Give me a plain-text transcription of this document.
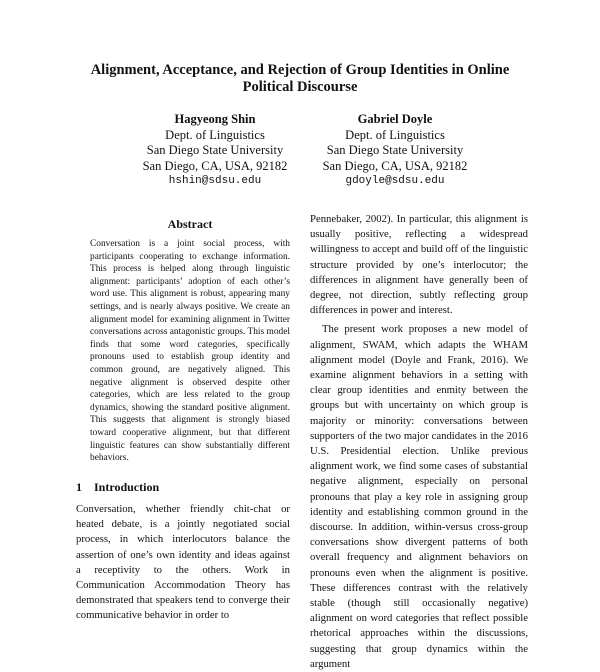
Alignment, Acceptance, and Rejection of Group Identities in Online
Political Discourse
Hagyeong Shin
Dept. of Linguistics
San Diego State University
San Diego, CA, USA, 92182
hshin@sdsu.edu
Gabriel Doyle
Dept. of Linguistics
San Diego State University
San Diego, CA, USA, 92182
gdoyle@sdsu.edu
Abstract
Conversation is a joint social process, with participants cooperating to exchange information. This process is helped along through linguistic alignment: participants’ adoption of each other’s word use. This alignment is robust, appearing many settings, and is nearly always positive. We create an alignment model for examining alignment in Twitter conversations across antagonistic groups. This model finds that some word categories, specifically pronouns used to establish group identity and common ground, are negatively aligned. This negative alignment is observed despite other categories, which are less related to the group dynamics, showing the standard positive alignment. This suggests that alignment is strongly biased toward cooperative alignment, but that different linguistic features can show substantially different behaviors.
1 Introduction

Conversation, whether friendly chit-chat or heated debate, is a jointly negotiated social process, in which interlocutors balance the assertion of one’s own identity and ideas against a receptivity to the others. Work in Communication Accommodation Theory has demonstrated that speakers tend to converge their communicative behavior in order to

Pennebaker, 2002). In particular, this alignment is usually positive, reflecting a widespread willingness to accept and build off of the linguistic structure provided by one’s interlocutor; the differences in alignment have generally been of degree, not direction, subtly reflecting group differences in power and interest.

The present work proposes a new model of alignment, SWAM, which adapts the WHAM alignment model (Doyle and Frank, 2016). We examine alignment behaviors in a setting with clear group identities and enmity between the groups but with uncertainty on which group is majority or minority: conversations between supporters of the two major candidates in the 2016 U.S. Presidential election. Unlike previous alignment work, we find some cases of substantial negative alignment, especially on personal pronouns that play a key role in assigning group identity and establishing common ground in the discourse. In addition, within-versus cross-group conversations show divergent patterns of both overall frequency and alignment behaviors on pronouns even when the alignment is positive. These differences contrast with the relatively stable (though still occasionally negative) alignment on word categories that reflect possible rhetorical approaches within the discussions, suggesting that group dynamics within the argument
